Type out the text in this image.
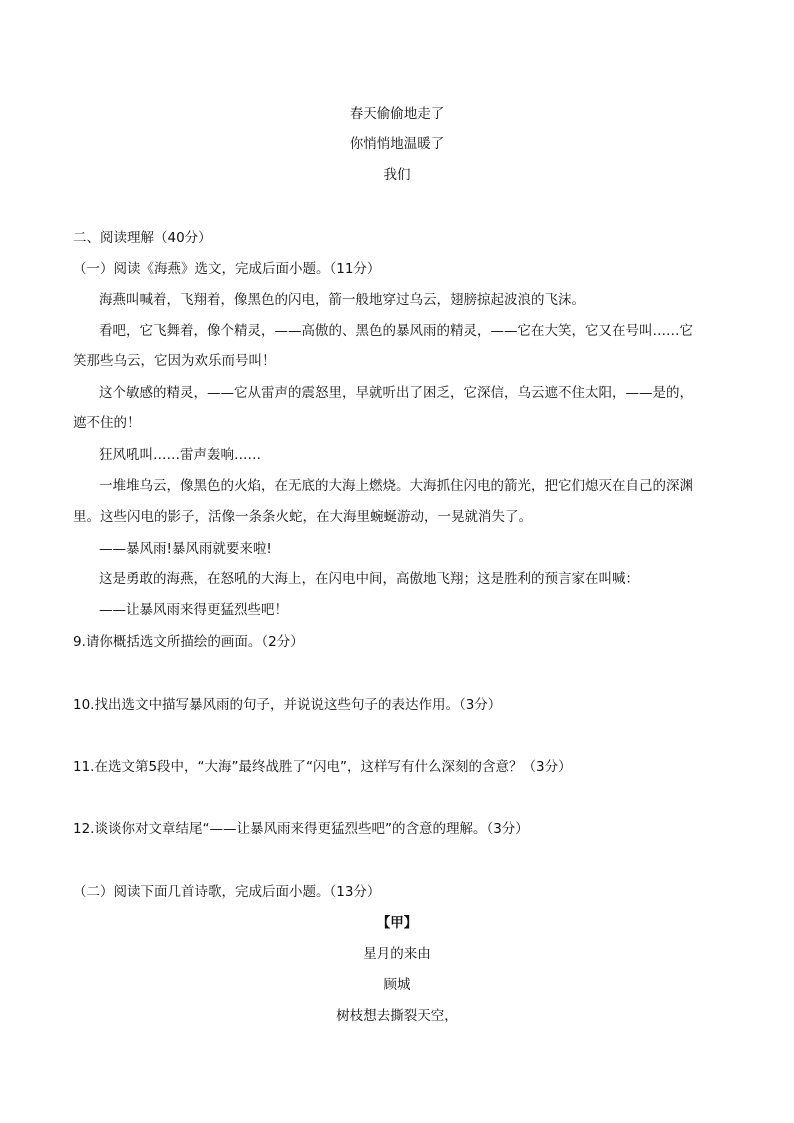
春天偷偷地走了
你悄悄地温暖了
我们
二、阅读理解（40分）
（一）阅读《海燕》选文，完成后面小题。（11分）
海燕叫喊着，飞翔着，像黑色的闪电，箭一般地穿过乌云，翅膀掠起波浪的飞沫。
看吧，它飞舞着，像个精灵，——高傲的、黑色的暴风雨的精灵，——它在大笑，它又在号叫……它
笑那些乌云，它因为欢乐而号叫！
这个敏感的精灵，——它从雷声的震怒里，早就听出了困乏，它深信，乌云遮不住太阳，——是的，
遮不住的！
狂风吼叫……雷声轰响……
一堆堆乌云，像黑色的火焰，在无底的大海上燃烧。大海抓住闪电的箭光，把它们熄灭在自己的深渊
里。这些闪电的影子，活像一条条火蛇，在大海里蜿蜒游动，一晃就消失了。
——暴风雨!暴风雨就要来啦!
这是勇敢的海燕，在怒吼的大海上，在闪电中间，高傲地飞翔；这是胜利的预言家在叫喊：
——让暴风雨来得更猛烈些吧！
9.请你概括选文所描绘的画面。（2分）
10.找出选文中描写暴风雨的句子，并说说这些句子的表达作用。（3分）
11.在选文第5段中，“大海”最终战胜了“闪电”，这样写有什么深刻的含意？（3分）
12.谈谈你对文章结尾“——让暴风雨来得更猛烈些吧”的含意的理解。（3分）
（二）阅读下面几首诗歌，完成后面小题。（13分）
【甲】
星月的来由
顾城
树枝想去撕裂天空，
